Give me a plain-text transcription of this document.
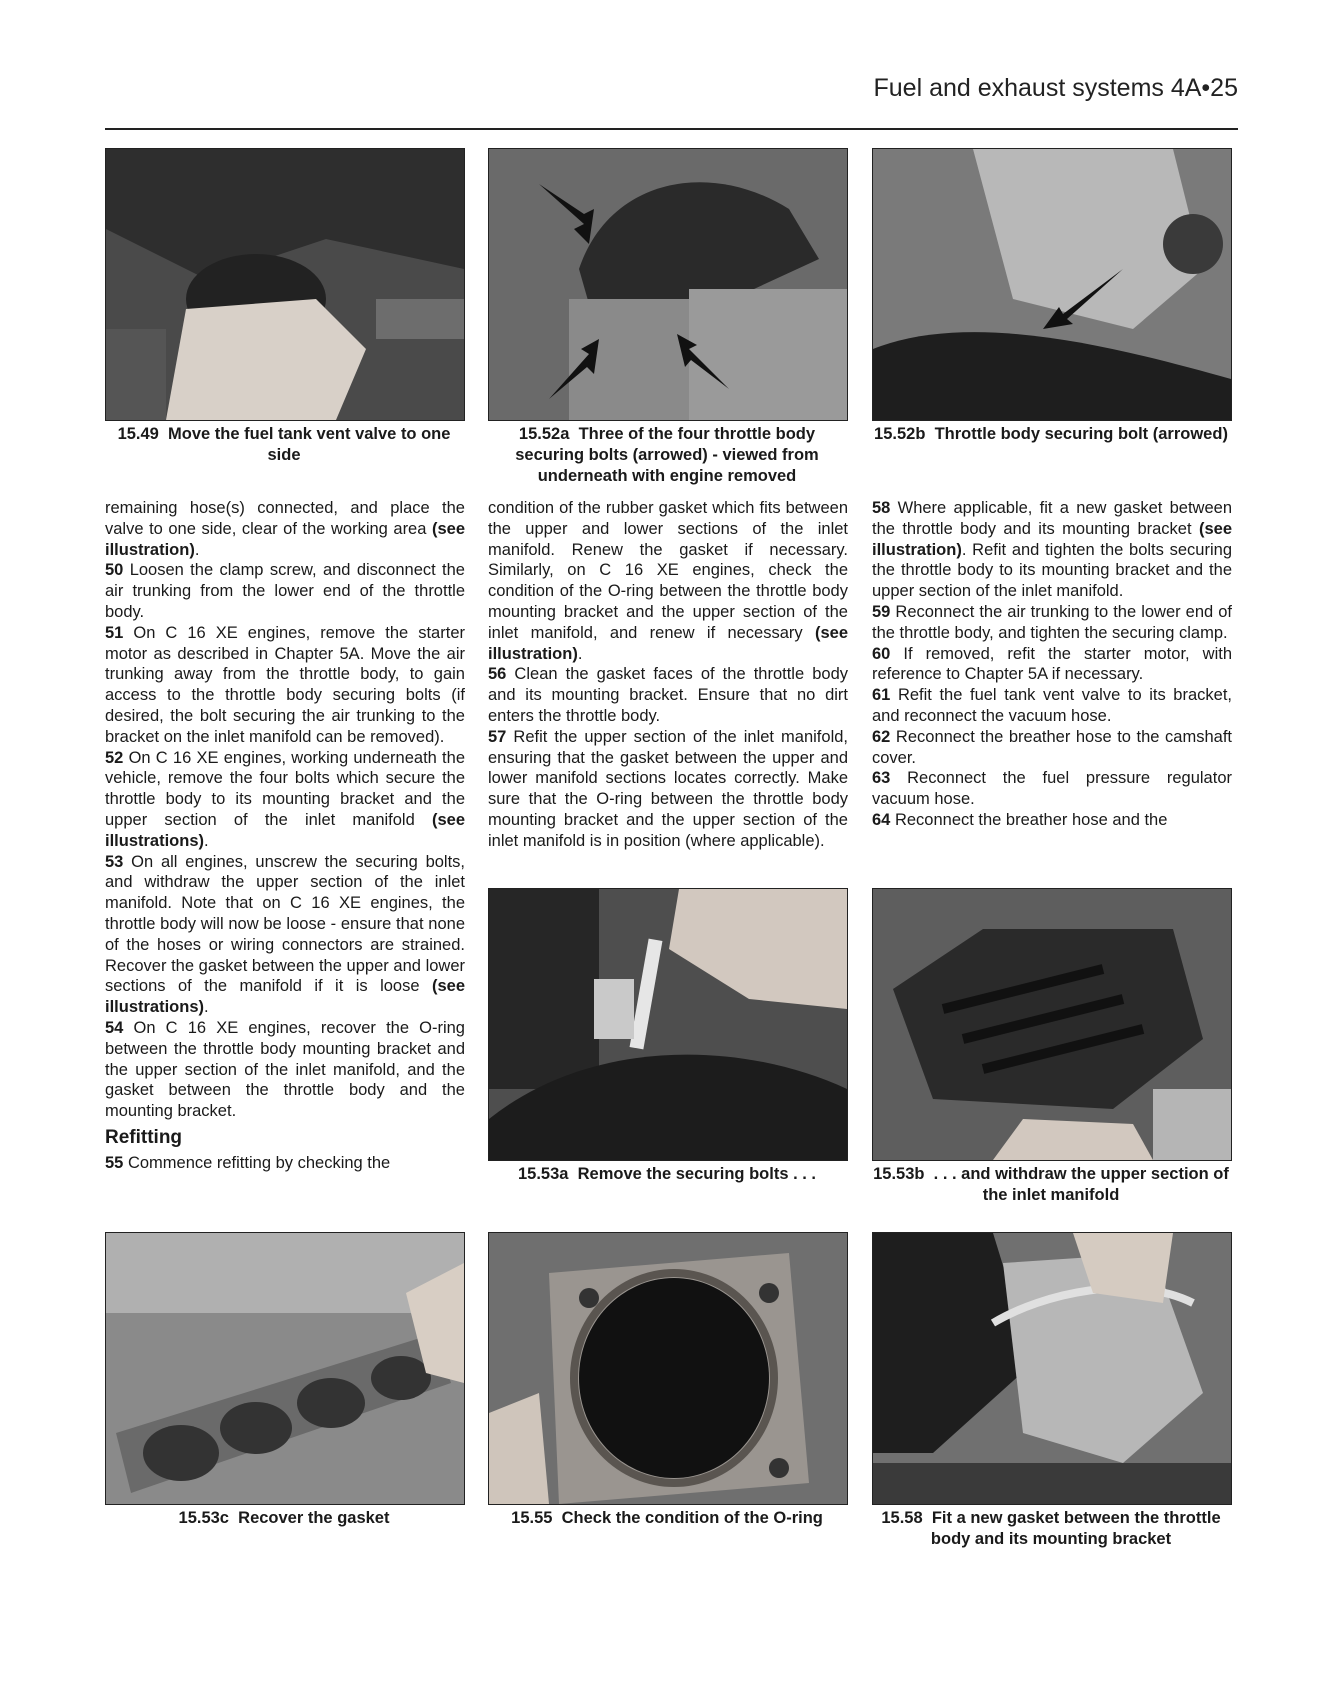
Fuel and exhaust systems 4A•25
15.49 Move the fuel tank vent valve to one side
15.52a Three of the four throttle body securing bolts (arrowed) - viewed from underneath with engine removed
15.52b Throttle body securing bolt (arrowed)

remaining hose(s) connected, and place the valve to one side, clear of the working area (see illustration).

50 Loosen the clamp screw, and disconnect the air trunking from the lower end of the throttle body.

51 On C 16 XE engines, remove the starter motor as described in Chapter 5A. Move the air trunking away from the throttle body, to gain access to the throttle body securing bolts (if desired, the bolt securing the air trunking to the bracket on the inlet manifold can be removed).

52 On C 16 XE engines, working underneath the vehicle, remove the four bolts which secure the throttle body to its mounting bracket and the upper section of the inlet manifold (see illustrations).

53 On all engines, unscrew the securing bolts, and withdraw the upper section of the inlet manifold. Note that on C 16 XE engines, the throttle body will now be loose - ensure that none of the hoses or wiring connectors are strained. Recover the gasket between the upper and lower sections of the manifold if it is loose (see illustrations).

54 On C 16 XE engines, recover the O-ring between the throttle body mounting bracket and the upper section of the inlet manifold, and the gasket between the throttle body and the mounting bracket.

Refitting

55 Commence refitting by checking the

condition of the rubber gasket which fits between the upper and lower sections of the inlet manifold. Renew the gasket if necessary. Similarly, on C 16 XE engines, check the condition of the O-ring between the throttle body mounting bracket and the upper section of the inlet manifold, and renew if necessary (see illustration).

56 Clean the gasket faces of the throttle body and its mounting bracket. Ensure that no dirt enters the throttle body.

57 Refit the upper section of the inlet manifold, ensuring that the gasket between the upper and lower manifold sections locates correctly. Make sure that the O-ring between the throttle body mounting bracket and the upper section of the inlet manifold is in position (where applicable).

58 Where applicable, fit a new gasket between the throttle body and its mounting bracket (see illustration). Refit and tighten the bolts securing the throttle body to its mounting bracket and the upper section of the inlet manifold.

59 Reconnect the air trunking to the lower end of the throttle body, and tighten the securing clamp.

60 If removed, refit the starter motor, with reference to Chapter 5A if necessary.

61 Refit the fuel tank vent valve to its bracket, and reconnect the vacuum hose.

62 Reconnect the breather hose to the camshaft cover.

63 Reconnect the fuel pressure regulator vacuum hose.

64 Reconnect the breather hose and the

15.53a Remove the securing bolts . . .	15.53b . . . and withdraw the upper section of the inlet manifold
15.53c Recover the gasket	15.55 Check the condition of the O-ring	15.58 Fit a new gasket between the throttle body and its mounting bracket
